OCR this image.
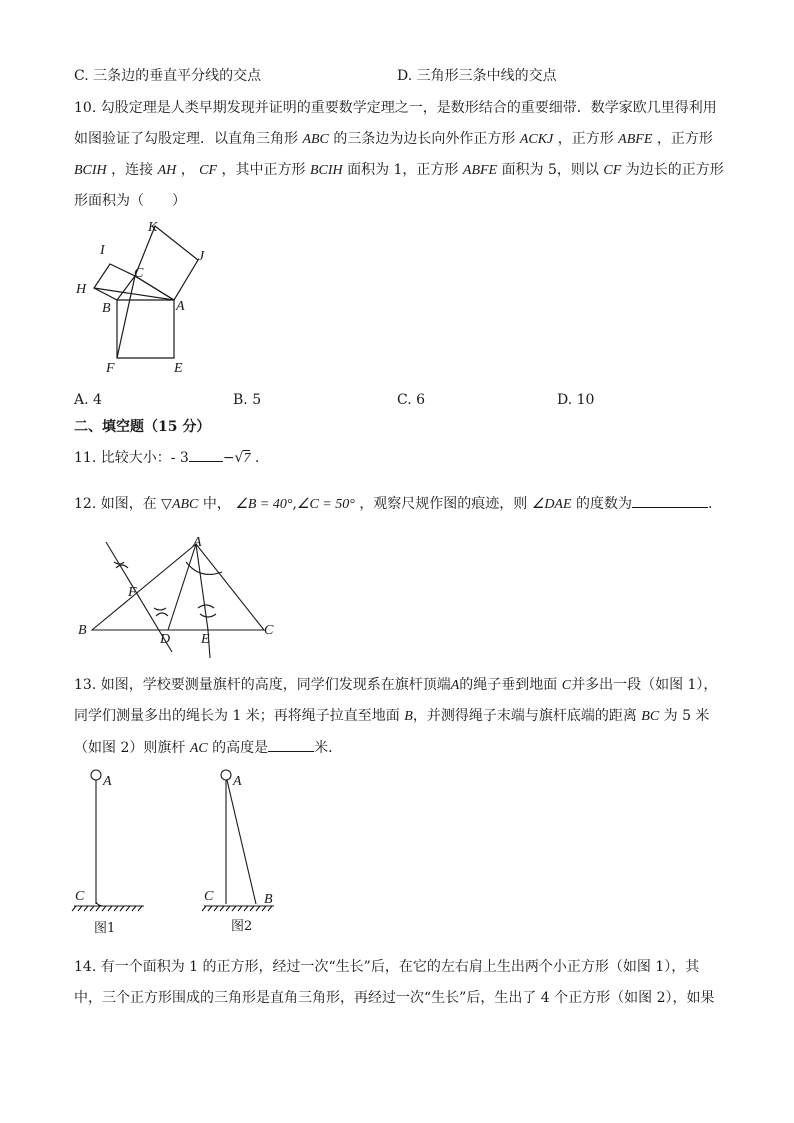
C. 三条边的垂直平分线的交点	D. 三角形三条中线的交点
10. 勾股定理是人类早期发现并证明的重要数学定理之一，是数形结合的重要细带．数学家欧几里得利用
如图验证了勾股定理．以直角三角形 ABC 的三条边为边长向外作正方形 ACKJ ，正方形 ABFE ，正方形
BCIH ，连接 AH ， CF ，其中正方形 BCIH 面积为 1，正方形 ABFE 面积为 5，则以 CF 为边长的正方形
形面积为（　　）
K
I	J
C
H
B	A
F	E
A. 4	B. 5	C. 6	D. 10
二、填空题（15 分）
11. 比较大小：- 3 −√7 .
12. 如图，在 ▽ABC 中， ∠B = 40°,∠C = 50° ，观察尺规作图的痕迹，则 ∠DAE 的度数为	.
A
F
B
D E
C
13. 如图，学校要测量旗杆的高度，同学们发现系在旗杆顶端A的绳子垂到地面 C并多出一段（如图 1），
同学们测量多出的绳长为 1 米；再将绳子拉直至地面 B，并测得绳子末端与旗杆底端的距离 BC 为 5 米
（如图 2）则旗杆 AC 的高度是	米．
A
C
图1
A
C	B
图2
14. 有一个面积为 1 的正方形，经过一次“生长”后，在它的左右肩上生出两个小正方形（如图 1），其
中，三个正方形围成的三角形是直角三角形，再经过一次“生长”后，生出了 4 个正方形（如图 2），如果
